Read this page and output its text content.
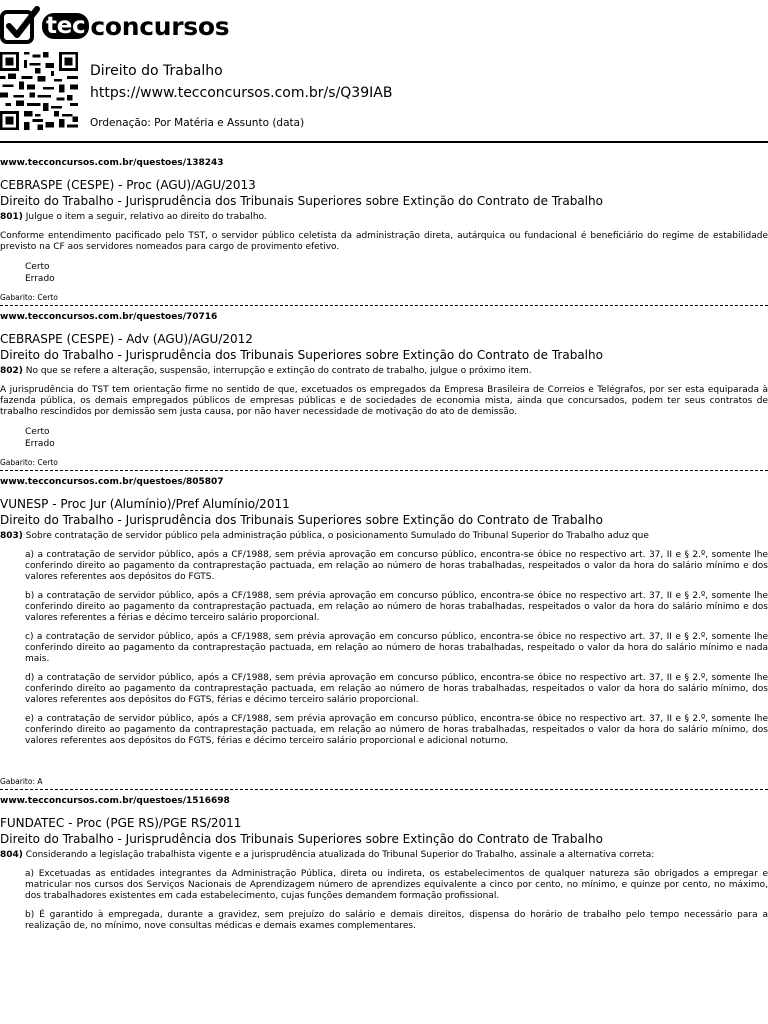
tec concursos
Direito do Trabalho
https://www.tecconcursos.com.br/s/Q39IAB
Ordenação: Por Matéria e Assunto (data)
www.tecconcursos.com.br/questoes/138243
CEBRASPE (CESPE) - Proc (AGU)/AGU/2013
Direito do Trabalho - Jurisprudência dos Tribunais Superiores sobre Extinção do Contrato de Trabalho
801) Julgue o item a seguir, relativo ao direito do trabalho.
Conforme entendimento pacificado pelo TST, o servidor público celetista da administração direta, autárquica ou fundacional é beneficiário do regime de estabilidade previsto na CF aos servidores nomeados para cargo de provimento efetivo.
Certo
Errado
Gabarito: Certo
www.tecconcursos.com.br/questoes/70716
CEBRASPE (CESPE) - Adv (AGU)/AGU/2012
Direito do Trabalho - Jurisprudência dos Tribunais Superiores sobre Extinção do Contrato de Trabalho
802) No que se refere a alteração, suspensão, interrupção e extinção do contrato de trabalho, julgue o próximo item.
A jurisprudência do TST tem orientação firme no sentido de que, excetuados os empregados da Empresa Brasileira de Correios e Telégrafos, por ser esta equiparada à fazenda pública, os demais empregados públicos de empresas públicas e de sociedades de economia mista, ainda que concursados, podem ter seus contratos de trabalho rescindidos por demissão sem justa causa, por não haver necessidade de motivação do ato de demissão.
Certo
Errado
Gabarito: Certo
www.tecconcursos.com.br/questoes/805807
VUNESP - Proc Jur (Alumínio)/Pref Alumínio/2011
Direito do Trabalho - Jurisprudência dos Tribunais Superiores sobre Extinção do Contrato de Trabalho
803) Sobre contratação de servidor público pela administração pública, o posicionamento Sumulado do Tribunal Superior do Trabalho aduz que
a) a contratação de servidor público, após a CF/1988, sem prévia aprovação em concurso público, encontra-se óbice no respectivo art. 37, II e § 2.º, somente lhe conferindo direito ao pagamento da contraprestação pactuada, em relação ao número de horas trabalhadas, respeitados o valor da hora do salário mínimo e dos valores referentes aos depósitos do FGTS.
b) a contratação de servidor público, após a CF/1988, sem prévia aprovação em concurso público, encontra-se óbice no respectivo art. 37, II e § 2.º, somente lhe conferindo direito ao pagamento da contraprestação pactuada, em relação ao número de horas trabalhadas, respeitados o valor da hora do salário mínimo e dos valores referentes a férias e décimo terceiro salário proporcional.
c) a contratação de servidor público, após a CF/1988, sem prévia aprovação em concurso público, encontra-se óbice no respectivo art. 37, II e § 2.º, somente lhe conferindo direito ao pagamento da contraprestação pactuada, em relação ao número de horas trabalhadas, respeitado o valor da hora do salário mínimo e nada mais.
d) a contratação de servidor público, após a CF/1988, sem prévia aprovação em concurso público, encontra-se óbice no respectivo art. 37, II e § 2.º, somente lhe conferindo direito ao pagamento da contraprestação pactuada, em relação ao número de horas trabalhadas, respeitados o valor da hora do salário mínimo, dos valores referentes aos depósitos do FGTS, férias e décimo terceiro salário proporcional.
e) a contratação de servidor público, após a CF/1988, sem prévia aprovação em concurso público, encontra-se óbice no respectivo art. 37, II e § 2.º, somente lhe conferindo direito ao pagamento da contraprestação pactuada, em relação ao número de horas trabalhadas, respeitados o valor da hora do salário mínimo, dos valores referentes aos depósitos do FGTS, férias e décimo terceiro salário proporcional e adicional noturno.
Gabarito: A
www.tecconcursos.com.br/questoes/1516698
FUNDATEC - Proc (PGE RS)/PGE RS/2011
Direito do Trabalho - Jurisprudência dos Tribunais Superiores sobre Extinção do Contrato de Trabalho
804) Considerando a legislação trabalhista vigente e a jurisprudência atualizada do Tribunal Superior do Trabalho, assinale a alternativa correta:
a) Excetuadas as entidades integrantes da Administração Pública, direta ou indireta, os estabelecimentos de qualquer natureza são obrigados a empregar e matricular nos cursos dos Serviços Nacionais de Aprendizagem número de aprendizes equivalente a cinco por cento, no mínimo, e quinze por cento, no máximo, dos trabalhadores existentes em cada estabelecimento, cujas funções demandem formação profissional.
b) É garantido à empregada, durante a gravidez, sem prejuízo do salário e demais direitos, dispensa do horário de trabalho pelo tempo necessário para a realização de, no mínimo, nove consultas médicas e demais exames complementares.
